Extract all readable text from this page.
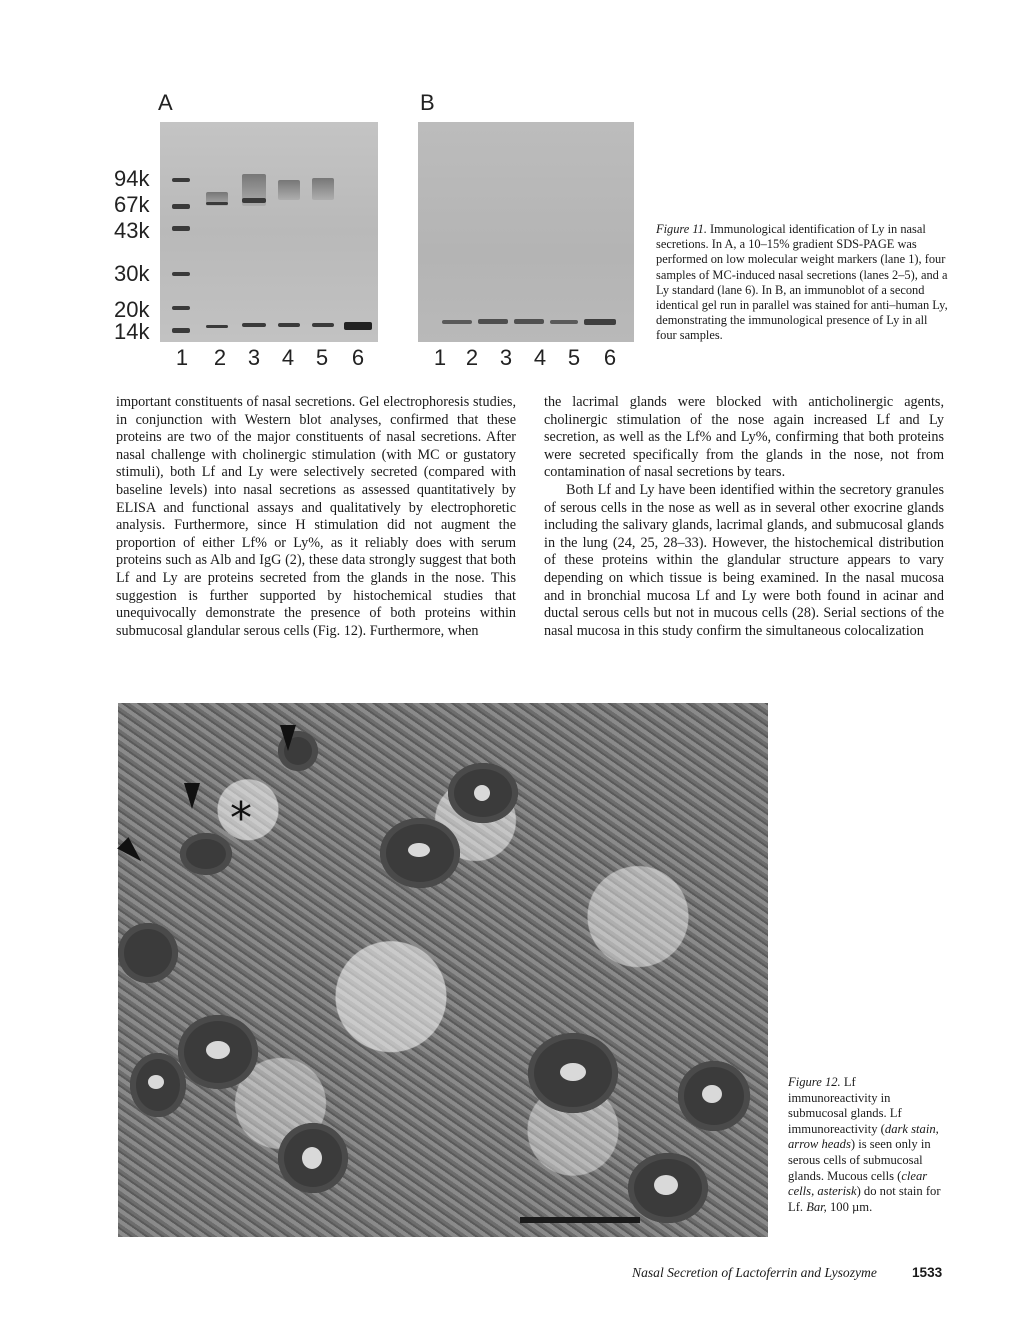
A	B
94k
67k
43k
30k
20k
14k
1 2 3 4 5 6	1 2 3 4 5 6
Figure 11. Immunological identification of Ly in nasal secretions. In A, a 10–15% gradient SDS-PAGE was performed on low molecular weight markers (lane 1), four samples of MC-induced nasal secretions (lanes 2–5), and a Ly standard (lane 6). In B, an immunoblot of a second identical gel run in parallel was stained for anti–human Ly, demonstrating the immunological presence of Ly in all four samples.

important constituents of nasal secretions. Gel electrophoresis studies, in conjunction with Western blot analyses, confirmed that these proteins are two of the major constituents of nasal secretions. After nasal challenge with cholinergic stimulation (with MC or gustatory stimuli), both Lf and Ly were selectively secreted (compared with baseline levels) into nasal secretions as assessed quantitatively by ELISA and functional assays and qualitatively by electrophoretic analysis. Furthermore, since H stimulation did not augment the proportion of either Lf% or Ly%, as it reliably does with serum proteins such as Alb and IgG (2), these data strongly suggest that both Lf and Ly are proteins secreted from the glands in the nose. This suggestion is further supported by histochemical studies that unequivocally demonstrate the presence of both proteins within submucosal glandular serous cells (Fig. 12). Furthermore, when

the lacrimal glands were blocked with anticholinergic agents, cholinergic stimulation of the nose again increased Lf and Ly secretion, as well as the Lf% and Ly%, confirming that both proteins were secreted specifically from the glands in the nose, not from contamination of nasal secretions by tears.

Both Lf and Ly have been identified within the secretory granules of serous cells in the nose as well as in several other exocrine glands including the salivary glands, lacrimal glands, and submucosal glands in the lung (24, 25, 28–33). However, the histochemical distribution of these proteins within the glandular structure appears to vary depending on which tissue is being examined. In the nasal mucosa and in bronchial mucosa Lf and Ly were both found in acinar and ductal serous cells but not in mucous cells (28). Serial sections of the nasal mucosa in this study confirm the simultaneous colocalization

*
Figure 12. Lf immunoreactivity in submucosal glands. Lf immunoreactivity (dark stain, arrow heads) is seen only in serous cells of submucosal glands. Mucous cells (clear cells, asterisk) do not stain for Lf. Bar, 100 µm.
Nasal Secretion of Lactoferrin and Lysozyme	1533
